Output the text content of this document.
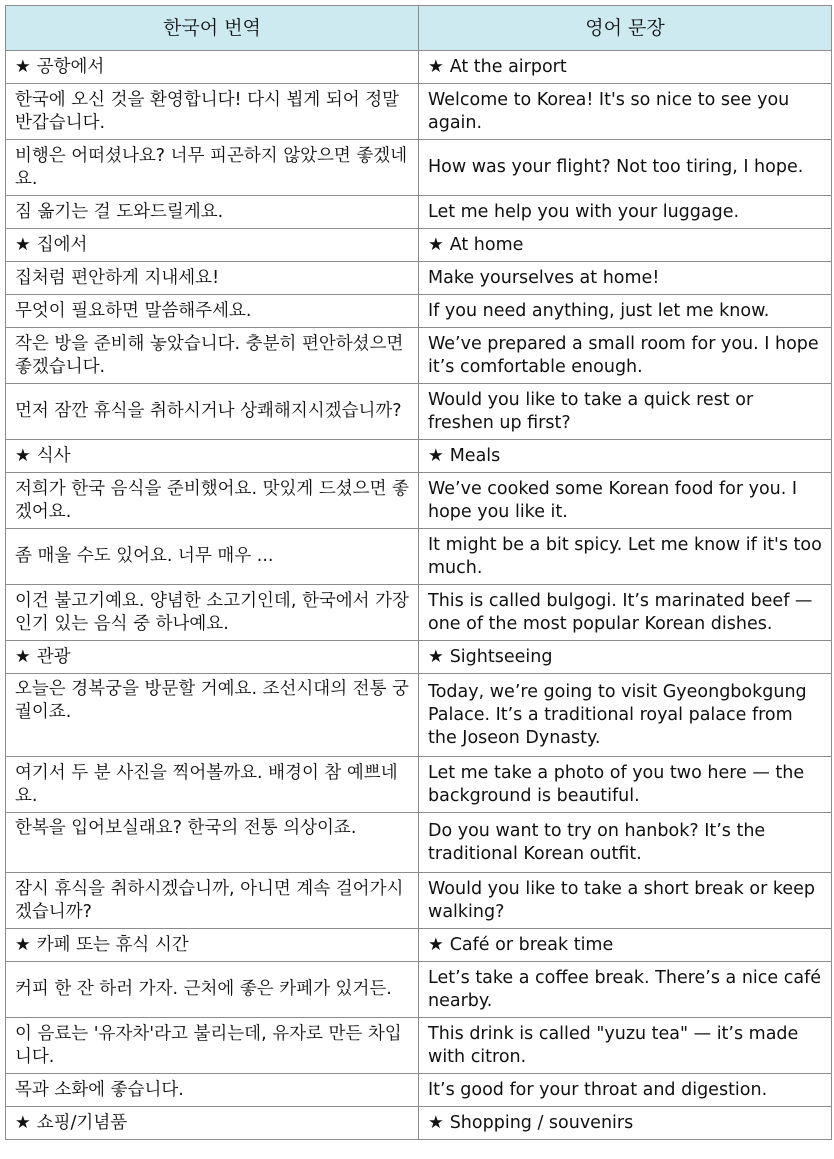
한국어 번역	영어 문장
★ 공항에서	★ At the airport
한국에 오신 것을 환영합니다! 다시 뵙게 되어 정말 반갑습니다.	Welcome to Korea! It's so nice to see you again.
비행은 어떠셨나요? 너무 피곤하지 않았으면 좋겠네요.	How was your flight? Not too tiring, I hope.
짐 옮기는 걸 도와드릴게요.	Let me help you with your luggage.
★ 집에서	★ At home
집처럼 편안하게 지내세요!	Make yourselves at home!
무엇이 필요하면 말씀해주세요.	If you need anything, just let me know.
작은 방을 준비해 놓았습니다. 충분히 편안하셨으면 좋겠습니다.	We’ve prepared a small room for you. I hope it’s comfortable enough.
먼저 잠깐 휴식을 취하시거나 상쾌해지시겠습니까?	Would you like to take a quick rest or freshen up first?
★ 식사	★ Meals
저희가 한국 음식을 준비했어요. 맛있게 드셨으면 좋겠어요.	We’ve cooked some Korean food for you. I hope you like it.
좀 매울 수도 있어요. 너무 매우 ...	It might be a bit spicy. Let me know if it's too much.
이건 불고기예요. 양념한 소고기인데, 한국에서 가장 인기 있는 음식 중 하나예요.	This is called bulgogi. It’s marinated beef — one of the most popular Korean dishes.
★ 관광	★ Sightseeing
오늘은 경복궁을 방문할 거예요. 조선시대의 전통 궁궐이죠.	Today, we’re going to visit Gyeongbokgung Palace. It’s a traditional royal palace from the Joseon Dynasty.
여기서 두 분 사진을 찍어볼까요. 배경이 참 예쁘네요.	Let me take a photo of you two here — the background is beautiful.
한복을 입어보실래요? 한국의 전통 의상이죠.	Do you want to try on hanbok? It’s the traditional Korean outfit.
잠시 휴식을 취하시겠습니까, 아니면 계속 걸어가시겠습니까?	Would you like to take a short break or keep walking?
★ 카페 또는 휴식 시간	★ Café or break time
커피 한 잔 하러 가자. 근처에 좋은 카페가 있거든.	Let’s take a coffee break. There’s a nice café nearby.
이 음료는 '유자차'라고 불리는데, 유자로 만든 차입니다.	This drink is called "yuzu tea" — it’s made with citron.
목과 소화에 좋습니다.	It’s good for your throat and digestion.
★ 쇼핑/기념품	★ Shopping / souvenirs
